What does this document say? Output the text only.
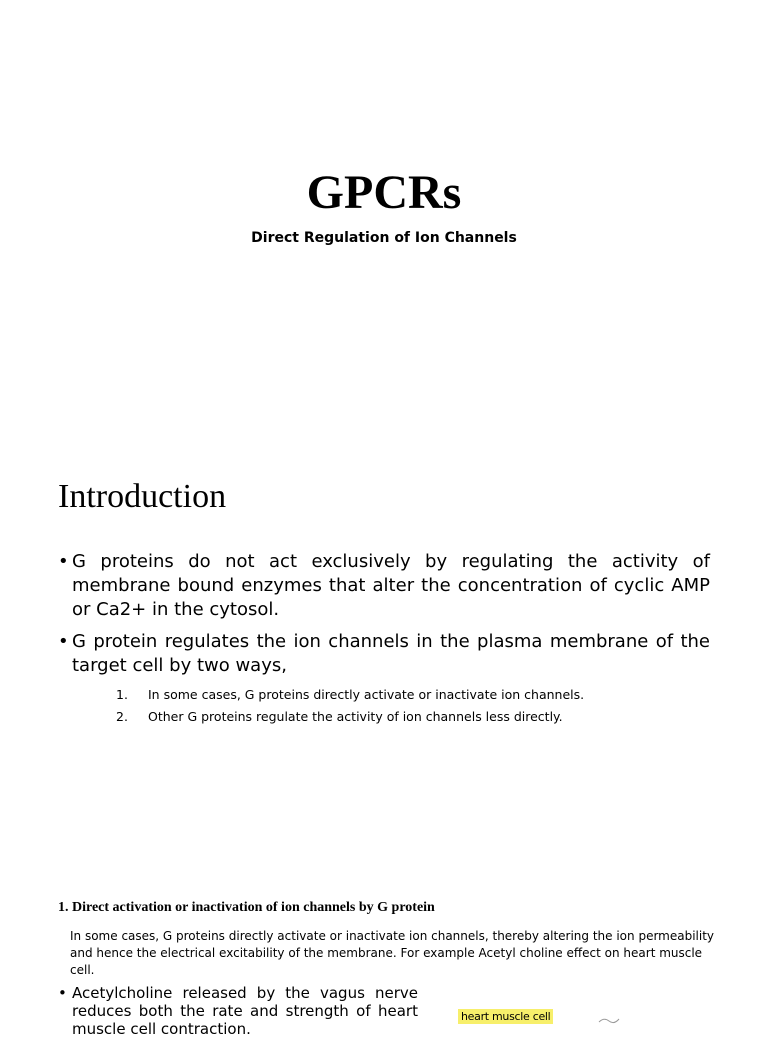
GPCRs
Direct Regulation of Ion Channels
Introduction
• G proteins do not act exclusively by regulating the activity of membrane bound enzymes that alter the concentration of cyclic AMP or Ca2+ in the cytosol.
• G protein regulates the ion channels in the plasma membrane of the target cell by two ways,
1. In some cases, G proteins directly activate or inactivate ion channels.
2. Other G proteins regulate the activity of ion channels less directly.
1. Direct activation or inactivation of ion channels by G protein
In some cases, G proteins directly activate or inactivate ion channels, thereby altering the ion permeability and hence the electrical excitability of the membrane. For example Acetyl choline effect on heart muscle cell.
• Acetylcholine released by the vagus nerve reduces both the rate and strength of heart muscle cell contraction.
heart muscle cell
